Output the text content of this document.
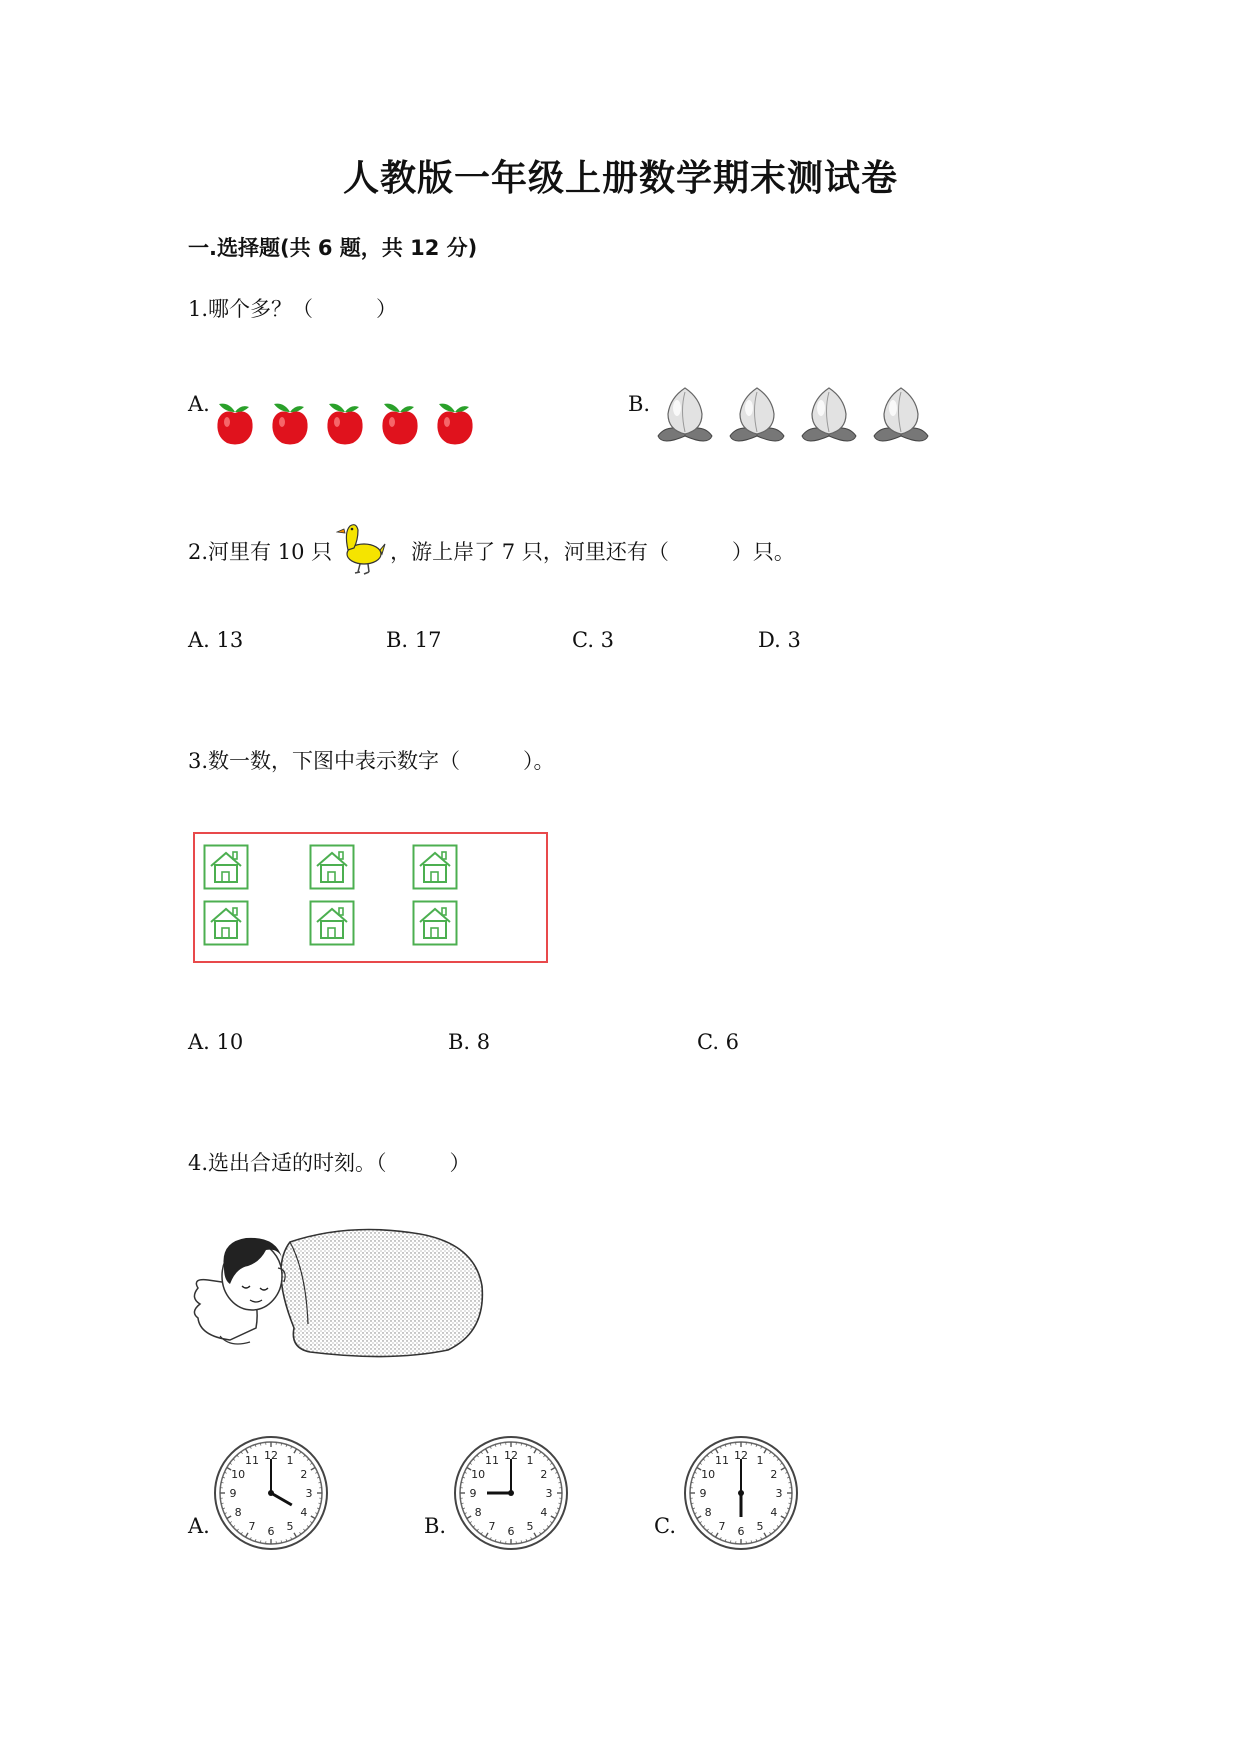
人教版一年级上册数学期末测试卷
一.选择题(共 6 题，共 12 分)
1.哪个多？（　　　）
A.	B.
2.河里有 10 只	，游上岸了 7 只，河里还有（　　　）只。
A. 13	B. 17	C. 3	D. 3
3.数一数，下图中表示数字（　　　）。
A. 10	B. 8	C. 6
4.选出合适的时刻。（　　　）
A.	B.	C.
1
2
3
4
5
6
7
8
9
10
11 12	1
2
3
4
5
6
7
8
9
10
11 12	1
2
3
4
5
6
7
8
9
10
11 12
